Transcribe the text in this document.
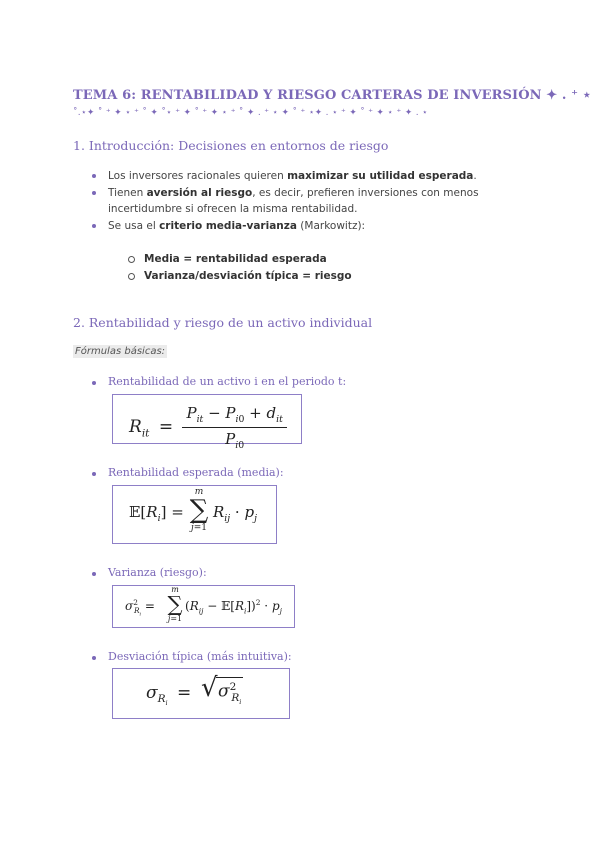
TEMA 6: RENTABILIDAD Y RIESGO CARTERAS DE INVERSIÓN ✦ . ⁺ ⋆
˚.⋆✦ ˚ ⁺ ✦ ⋆ ⁺ ˚ ✦ ˚⋆ ⁺ ✦ ˚ ⁺ ✦ ⋆ ⁺ ˚ ✦ . ⁺ ⋆ ✦ ˚ ⁺ ⋆✦ . ⋆ ⁺ ✦ ˚ ⁺ ✦ ⋆ ⁺ ✦ . ⋆
1. Introducción: Decisiones en entornos de riesgo
Los inversores racionales quieren maximizar su utilidad esperada.
Tienen aversión al riesgo, es decir, prefieren inversiones con menos incertidumbre si ofrecen la misma rentabilidad.
Se usa el criterio media-varianza (Markowitz):
Media = rentabilidad esperada
Varianza/desviación típica = riesgo
2. Rentabilidad y riesgo de un activo individual
Fórmulas básicas:
Rentabilidad de un activo i en el periodo t:
$R_{it} = \frac{P_{it} - P_{i0} + d_{it}}{P_{i0}}$
Rentabilidad esperada (media):
$𝔼[R_i]$ =
m
∑
j=1
$R_{ij} \cdot p_j$
Varianza (riesgo):
$\sigma^2_{R_i}$ =
m
∑
j=1
($R_{ij}$ − $𝔼[R_i])^2 \cdot p_j$
Desviación típica (más intuitiva):
$\sigma_{R_i}$ = √ $\sigma^2_{R_i}$
